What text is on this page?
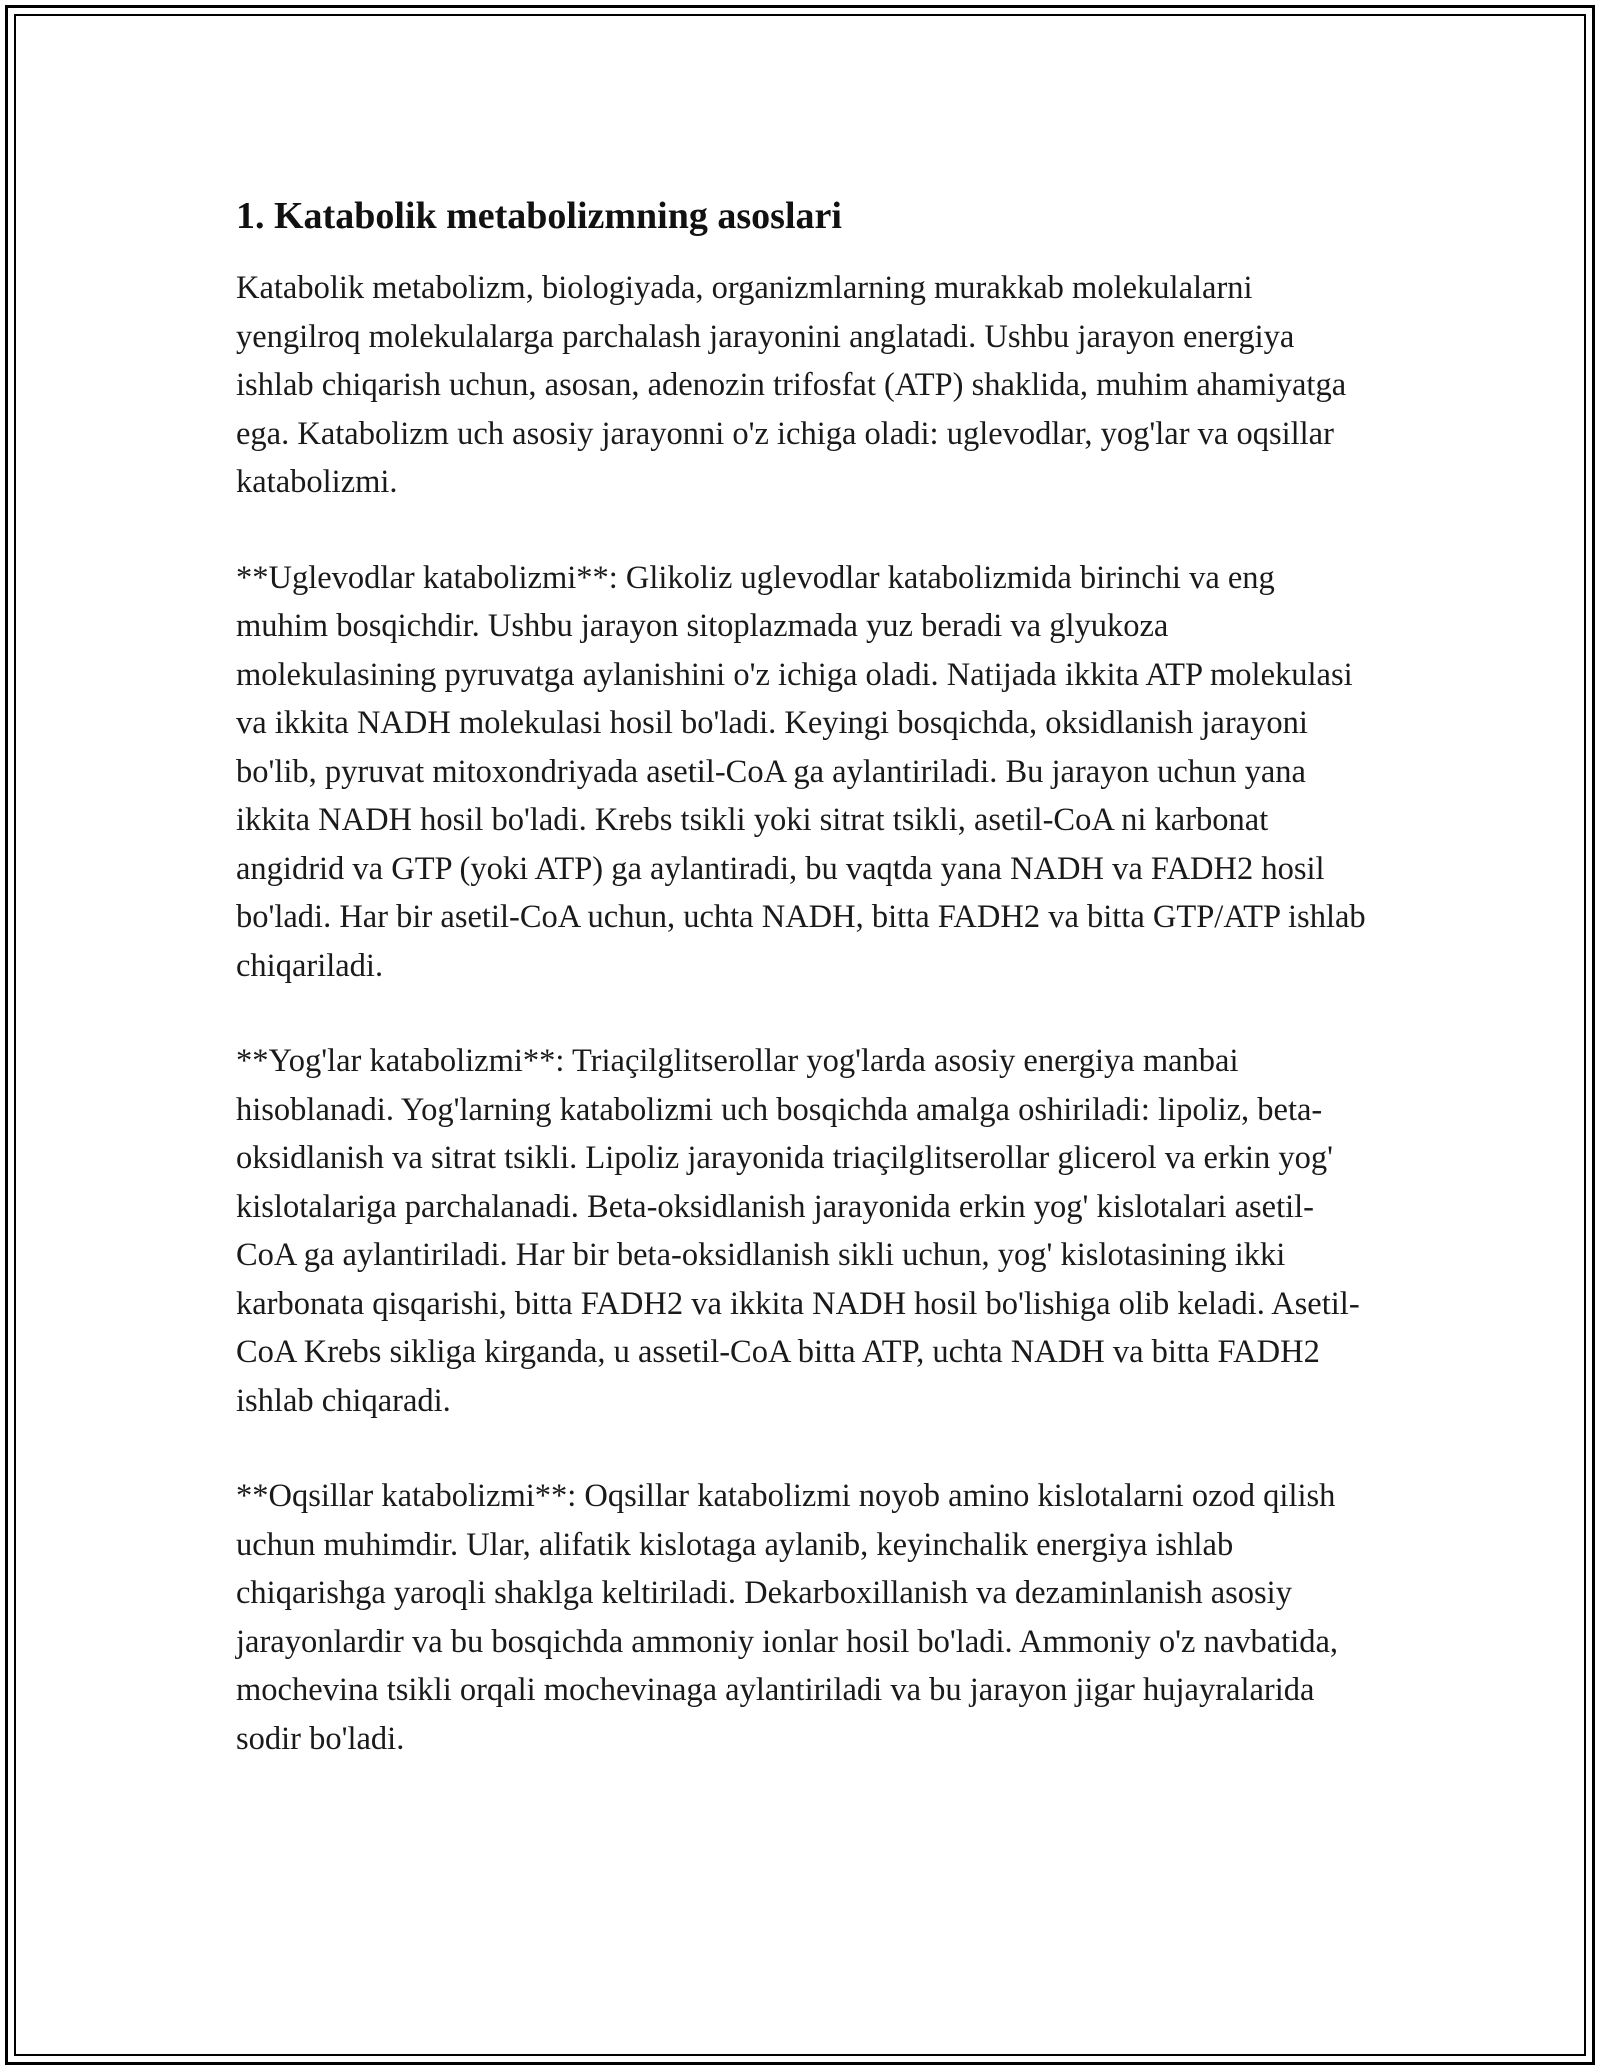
1. Katabolik metabolizmning asoslari

Katabolik metabolizm, biologiyada, organizmlarning murakkab molekulalarni yengilroq molekulalarga parchalash jarayonini anglatadi. Ushbu jarayon energiya ishlab chiqarish uchun, asosan, adenozin trifosfat (ATP) shaklida, muhim ahamiyatga ega. Katabolizm uch asosiy jarayonni o'z ichiga oladi: uglevodlar, yog'lar va oqsillar katabolizmi.

**Uglevodlar katabolizmi**: Glikoliz uglevodlar katabolizmida birinchi va eng muhim bosqichdir. Ushbu jarayon sitoplazmada yuz beradi va glyukoza molekulasining pyruvatga aylanishini o'z ichiga oladi. Natijada ikkita ATP molekulasi va ikkita NADH molekulasi hosil bo'ladi. Keyingi bosqichda, oksidlanish jarayoni bo'lib, pyruvat mitoxondriyada asetil-CoA ga aylantiriladi. Bu jarayon uchun yana ikkita NADH hosil bo'ladi. Krebs tsikli yoki sitrat tsikli, asetil-CoA ni karbonat angidrid va GTP (yoki ATP) ga aylantiradi, bu vaqtda yana NADH va FADH2 hosil bo'ladi. Har bir asetil-CoA uchun, uchta NADH, bitta FADH2 va bitta GTP/ATP ishlab chiqariladi.

**Yog'lar katabolizmi**: Triaçilglitserollar yog'larda asosiy energiya manbai hisoblanadi. Yog'larning katabolizmi uch bosqichda amalga oshiriladi: lipoliz, beta-oksidlanish va sitrat tsikli. Lipoliz jarayonida triaçilglitserollar glicerol va erkin yog' kislotalariga parchalanadi. Beta-oksidlanish jarayonida erkin yog' kislotalari asetil-CoA ga aylantiriladi. Har bir beta-oksidlanish sikli uchun, yog' kislotasining ikki karbonata qisqarishi, bitta FADH2 va ikkita NADH hosil bo'lishiga olib keladi. Asetil-CoA Krebs sikliga kirganda, u assetil-CoA bitta ATP, uchta NADH va bitta FADH2 ishlab chiqaradi.

**Oqsillar katabolizmi**: Oqsillar katabolizmi noyob amino kislotalarni ozod qilish uchun muhimdir. Ular, alifatik kislotaga aylanib, keyinchalik energiya ishlab chiqarishga yaroqli shaklga keltiriladi. Dekarboxillanish va dezaminlanish asosiy jarayonlardir va bu bosqichda ammoniy ionlar hosil bo'ladi. Ammoniy o'z navbatida, mochevina tsikli orqali mochevinaga aylantiriladi va bu jarayon jigar hujayralarida sodir bo'ladi.
